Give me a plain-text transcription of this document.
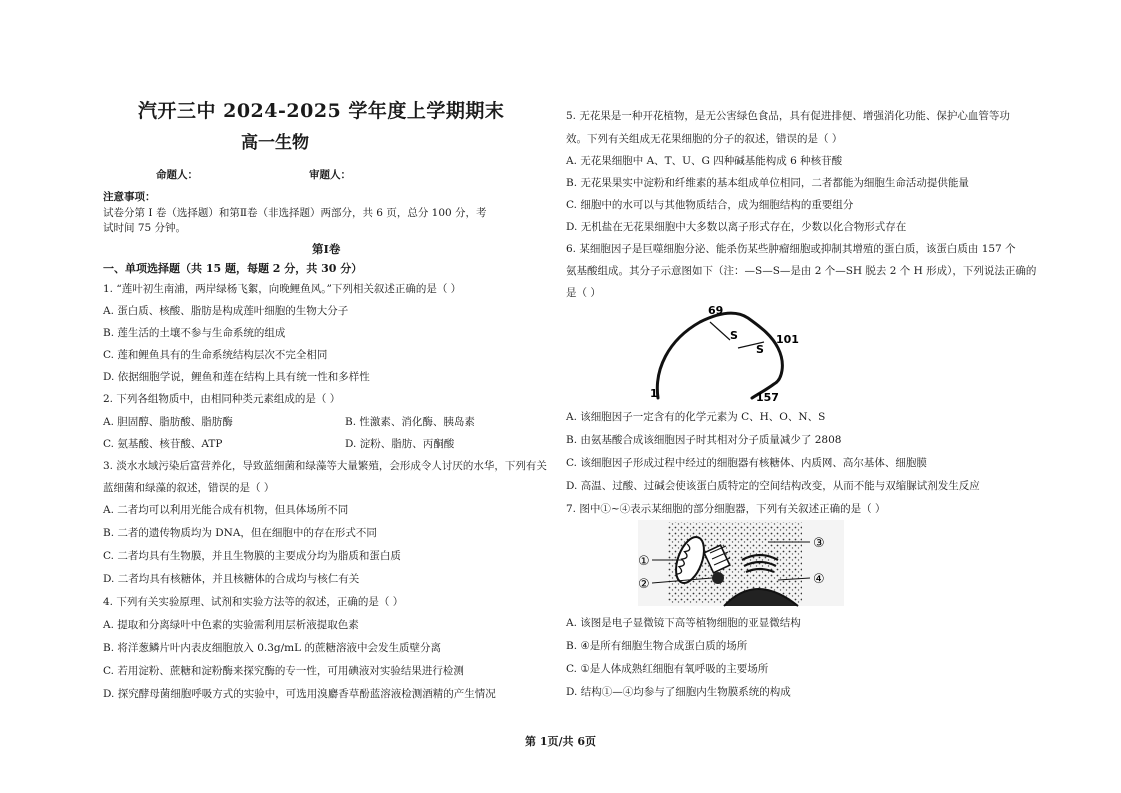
汽开三中 2024-2025 学年度上学期期末
高一生物
命题人：	审题人：
注意事项：
试卷分第 I 卷（选择题）和第Ⅱ卷（非选择题）两部分，共 6 页，总分 100 分，考
试时间 75 分钟。
第Ⅰ卷
一、单项选择题（共 15 题，每题 2 分，共 30 分）
1. “莲叶初生南浦，两岸绿杨飞絮，向晚鲤鱼风。”下列相关叙述正确的是（ ）
A. 蛋白质、核酸、脂肪是构成莲叶细胞的生物大分子
B. 莲生活的土壤不参与生命系统的组成
C. 莲和鲤鱼具有的生命系统结构层次不完全相同
D. 依据细胞学说，鲤鱼和莲在结构上具有统一性和多样性
2. 下列各组物质中，由相同种类元素组成的是（ ）
A. 胆固醇、脂肪酸、脂肪酶	B. 性激素、消化酶、胰岛素
C. 氨基酸、核苷酸、ATP	D. 淀粉、脂肪、丙酮酸
3. 淡水水域污染后富营养化，导致蓝细菌和绿藻等大量繁殖，会形成令人讨厌的水华，下列有关
蓝细菌和绿藻的叙述，错误的是（ ）
A. 二者均可以利用光能合成有机物，但具体场所不同
B. 二者的遗传物质均为 DNA，但在细胞中的存在形式不同
C. 二者均具有生物膜，并且生物膜的主要成分均为脂质和蛋白质
D. 二者均具有核糖体，并且核糖体的合成均与核仁有关
4. 下列有关实验原理、试剂和实验方法等的叙述，正确的是（ ）
A. 提取和分离绿叶中色素的实验需利用层析液提取色素
B. 将洋葱鳞片叶内表皮细胞放入 0.3g/mL 的蔗糖溶液中会发生质壁分离
C. 若用淀粉、蔗糖和淀粉酶来探究酶的专一性，可用碘液对实验结果进行检测
D. 探究酵母菌细胞呼吸方式的实验中，可选用溴麝香草酚蓝溶液检测酒精的产生情况
5. 无花果是一种开花植物，是无公害绿色食品，具有促进排便、增强消化功能、保护心血管等功
效。下列有关组成无花果细胞的分子的叙述，错误的是（ ）
A. 无花果细胞中 A、T、U、G 四种碱基能构成 6 种核苷酸
B. 无花果果实中淀粉和纤维素的基本组成单位相同，二者都能为细胞生命活动提供能量
C. 细胞中的水可以与其他物质结合，成为细胞结构的重要组分
D. 无机盐在无花果细胞中大多数以离子形式存在，少数以化合物形式存在
6. 某细胞因子是巨噬细胞分泌、能杀伤某些肿瘤细胞或抑制其增殖的蛋白质，该蛋白质由 157 个
氨基酸组成。其分子示意图如下（注：—S—S—是由 2 个—SH 脱去 2 个 H 形成），下列说法正确的
是（ ）
S
S
69
101
1	157
A. 该细胞因子一定含有的化学元素为 C、H、O、N、S
B. 由氨基酸合成该细胞因子时其相对分子质量减少了 2808
C. 该细胞因子形成过程中经过的细胞器有核糖体、内质网、高尔基体、细胞膜
D. 高温、过酸、过碱会使该蛋白质特定的空间结构改变，从而不能与双缩脲试剂发生反应
7. 图中①~④表示某细胞的部分细胞器，下列有关叙述正确的是（ ）
①
②
③
④
A. 该图是电子显微镜下高等植物细胞的亚显微结构
B. ④是所有细胞生物合成蛋白质的场所
C. ①是人体成熟红细胞有氧呼吸的主要场所
D. 结构①—④均参与了细胞内生物膜系统的构成
第 1页/共 6页
